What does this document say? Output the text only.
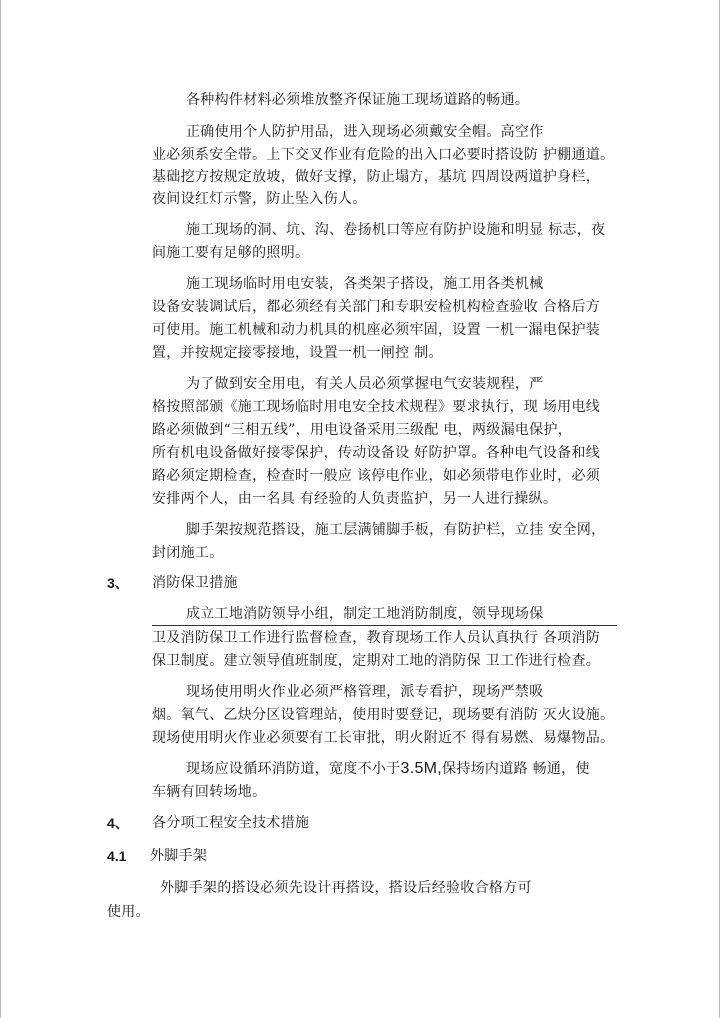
各种构件材料必须堆放整齐保证施工现场道路的畅通。
正确使用个人防护用品，进入现场必须戴安全帽。高空作
业必须系安全带。上下交叉作业有危险的出入口必要时搭设防 护棚通道。
基础挖方按规定放坡，做好支撑，防止塌方，基坑 四周设两道护身栏，
夜间设红灯示警，防止坠入伤人。
施工现场的洞、坑、沟、卷扬机口等应有防护设施和明显 标志，夜
间施工要有足够的照明。
施工现场临时用电安装，各类架子搭设，施工用各类机械
设备安装调试后，都必须经有关部门和专职安检机构检查验收 合格后方
可使用。施工机械和动力机具的机座必须牢固，设置 一机一漏电保护装
置，并按规定接零接地，设置一机一闸控 制。
为了做到安全用电，有关人员必须掌握电气安装规程，严
格按照部颁《施工现场临时用电安全技术规程》要求执行，现 场用电线
路必须做到“三相五线”，用电设备采用三级配 电，两级漏电保护，
所有机电设备做好接零保护，传动设备设 好防护罩。各种电气设备和线
路必须定期检查，检查时一般应 该停电作业，如必须带电作业时，必须
安排两个人，由一名具 有经验的人负责监护，另一人进行操纵。
脚手架按规范搭设，施工层满铺脚手板，有防护栏，立挂 安全网，
封闭施工。
3、 消防保卫措施
成立工地消防领导小组，制定工地消防制度，领导现场保
卫及消防保卫工作进行监督检查，教育现场工作人员认真执行 各项消防
保卫制度。建立领导值班制度，定期对工地的消防保 卫工作进行检查。
现场使用明火作业必须严格管理，派专看护，现场严禁吸
烟。氧气、乙炔分区设管理站，使用时要登记，现场要有消防 灭火设施。
现场使用明火作业必须要有工长审批，明火附近不 得有易燃、易爆物品。
现场应设循环消防道，宽度不小于3.5M,保持场内道路 畅通，使
车辆有回转场地。
4、 各分项工程安全技术措施
4.1 外脚手架
外脚手架的搭设必须先设计再搭设，搭设后经验收合格方可
使用。
